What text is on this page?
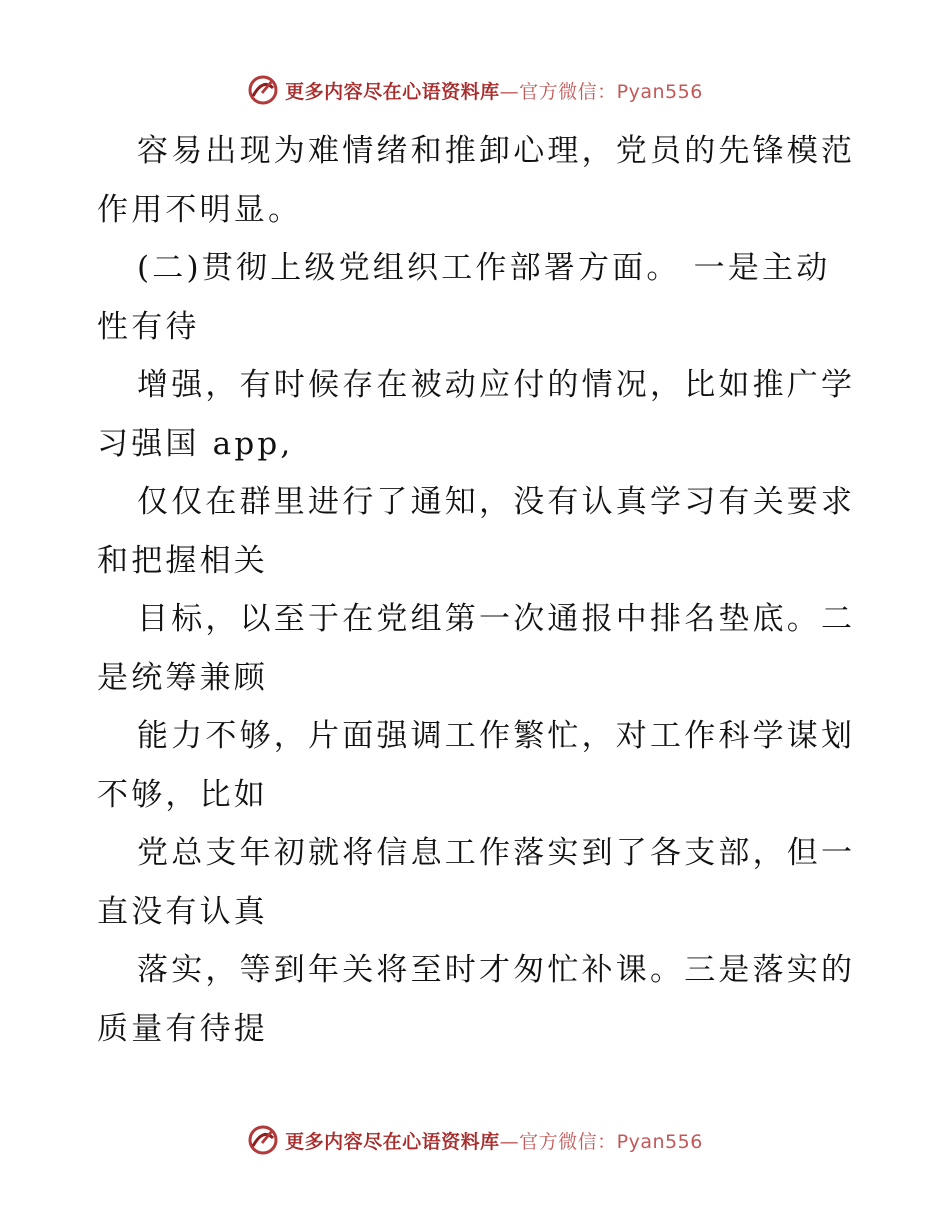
更多内容尽在心语资料库—官方微信：Pyan556
容易出现为难情绪和推卸心理，党员的先锋模范
作用不明显。
(二)贯彻上级党组织工作部署方面。 一是主动
性有待
增强，有时候存在被动应付的情况，比如推广学
习强国 app,
仅仅在群里进行了通知，没有认真学习有关要求
和把握相关
目标，以至于在党组第一次通报中排名垫底。二
是统筹兼顾
能力不够，片面强调工作繁忙，对工作科学谋划
不够，比如
党总支年初就将信息工作落实到了各支部，但一
直没有认真
落实，等到年关将至时才匆忙补课。三是落实的
质量有待提
更多内容尽在心语资料库—官方微信：Pyan556
